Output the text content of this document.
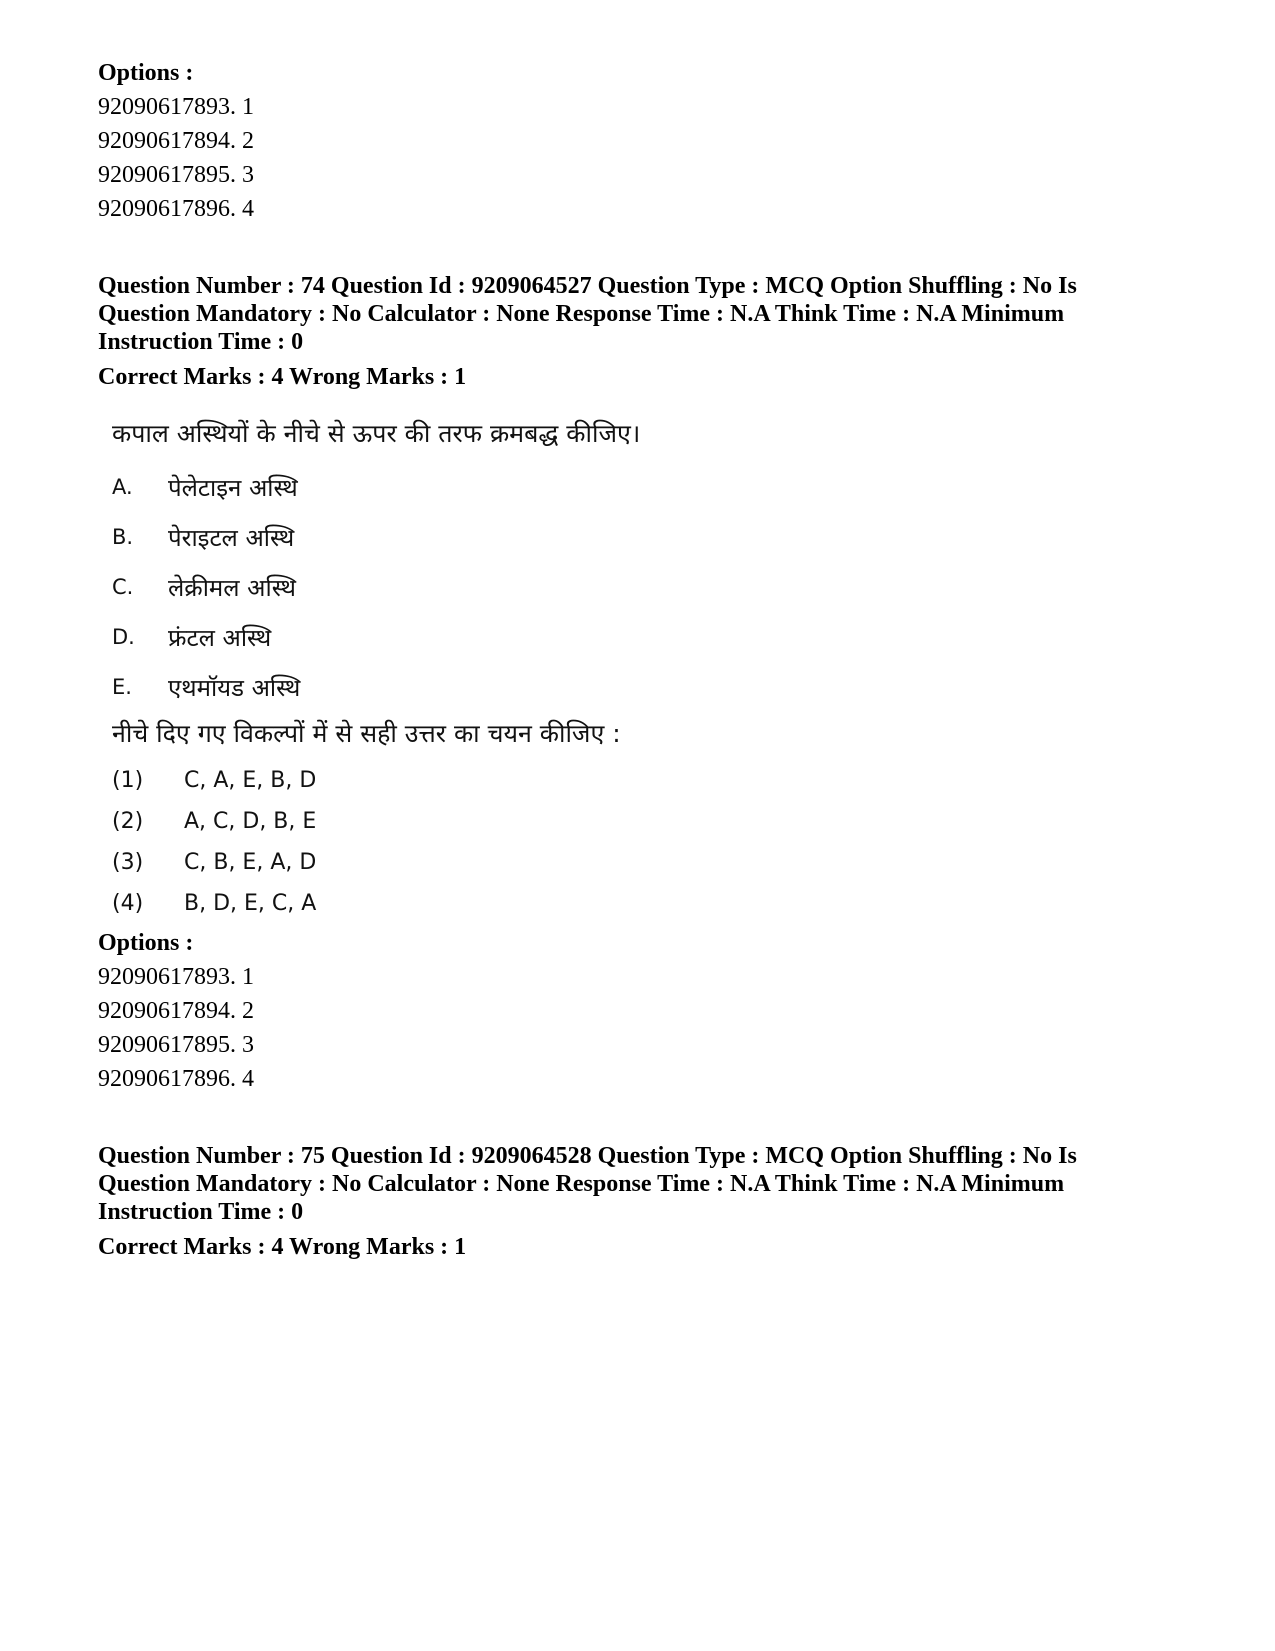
Options :
92090617893. 1
92090617894. 2
92090617895. 3
92090617896. 4
Question Number : 74 Question Id : 9209064527 Question Type : MCQ Option Shuffling : No Is
Question Mandatory : No Calculator : None Response Time : N.A Think Time : N.A Minimum
Instruction Time : 0
Correct Marks : 4 Wrong Marks : 1
कपाल अस्थियों के नीचे से ऊपर की तरफ क्रमबद्ध कीजिए।
A.	पेलेटाइन अस्थि
B.	पेराइटल अस्थि
C.	लेक्रीमल अस्थि
D.	फ्रंटल अस्थि
E.	एथमॉयड अस्थि
नीचे दिए गए विकल्पों में से सही उत्तर का चयन कीजिए :
(1)	C, A, E, B, D
(2)	A, C, D, B, E
(3)	C, B, E, A, D
(4)	B, D, E, C, A
Options :
92090617893. 1
92090617894. 2
92090617895. 3
92090617896. 4
Question Number : 75 Question Id : 9209064528 Question Type : MCQ Option Shuffling : No Is
Question Mandatory : No Calculator : None Response Time : N.A Think Time : N.A Minimum
Instruction Time : 0
Correct Marks : 4 Wrong Marks : 1
